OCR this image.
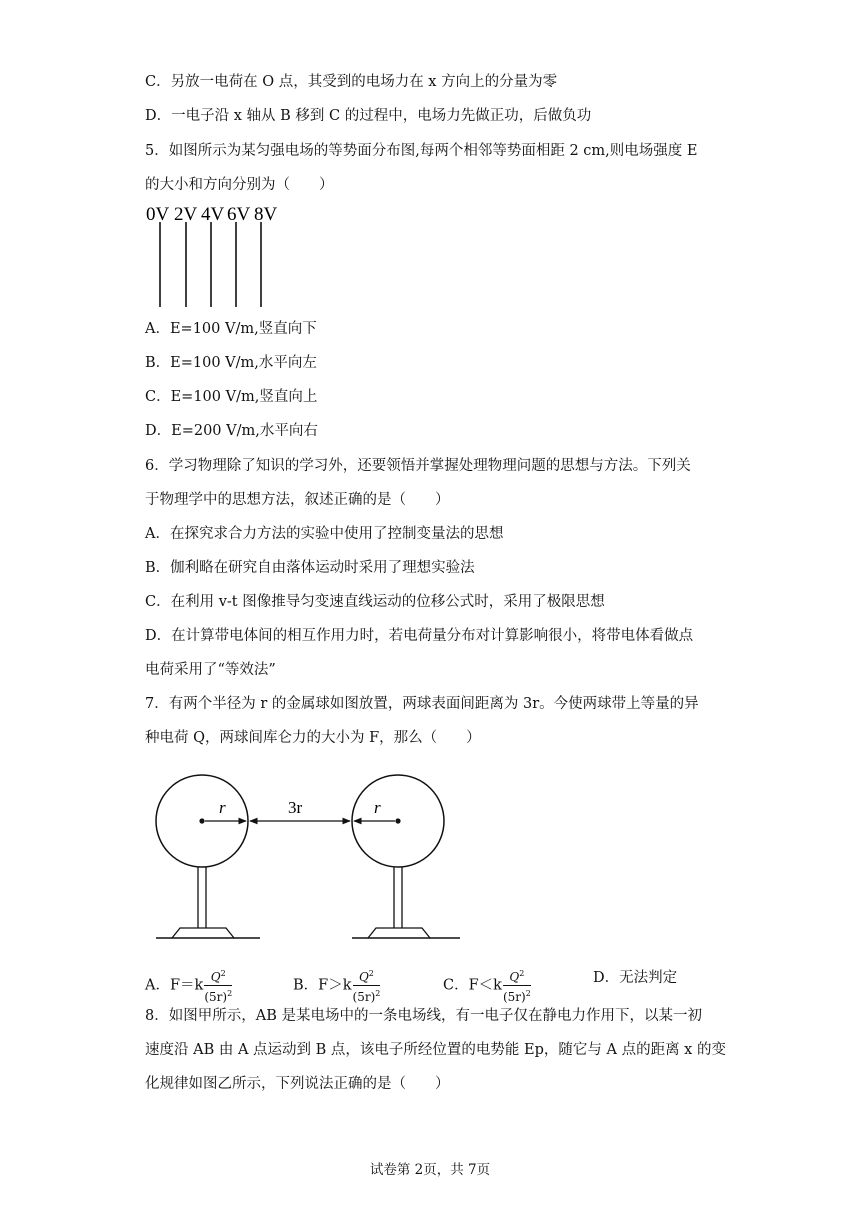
C．另放一电荷在 O 点，其受到的电场力在 x 方向上的分量为零
D．一电子沿 x 轴从 B 移到 C 的过程中，电场力先做正功，后做负功
5．如图所示为某匀强电场的等势面分布图,每两个相邻等势面相距 2 cm,则电场强度 E
的大小和方向分别为（　　）
0V 2V 4V 6V 8V
A．E=100 V/m,竖直向下
B．E=100 V/m,水平向左
C．E=100 V/m,竖直向上
D．E=200 V/m,水平向右
6．学习物理除了知识的学习外，还要领悟并掌握处理物理问题的思想与方法。下列关
于物理学中的思想方法，叙述正确的是（　　）
A．在探究求合力方法的实验中使用了控制变量法的思想
B．伽利略在研究自由落体运动时采用了理想实验法
C．在利用 v-t 图像推导匀变速直线运动的位移公式时，采用了极限思想
D．在计算带电体间的相互作用力时，若电荷量分布对计算影响很小，将带电体看做点
电荷采用了“等效法”
7．有两个半径为 r 的金属球如图放置，两球表面间距离为 3r。今使两球带上等量的异
种电荷 Q，两球间库仑力的大小为 F，那么（　　）
r	3r	r
A．$F=k \frac{Q^2}{(5r)^2}$	B．$F>k \frac{Q^2}{(5r)^2}$	C．$F<k \frac{Q^2}{(5r)^2}$	D．无法判定
8．如图甲所示，AB 是某电场中的一条电场线，有一电子仅在静电力作用下，以某一初
速度沿 AB 由 A 点运动到 B 点，该电子所经位置的电势能 Ep，随它与 A 点的距离 x 的变
化规律如图乙所示，下列说法正确的是（　　）
试卷第 2页，共 7页
